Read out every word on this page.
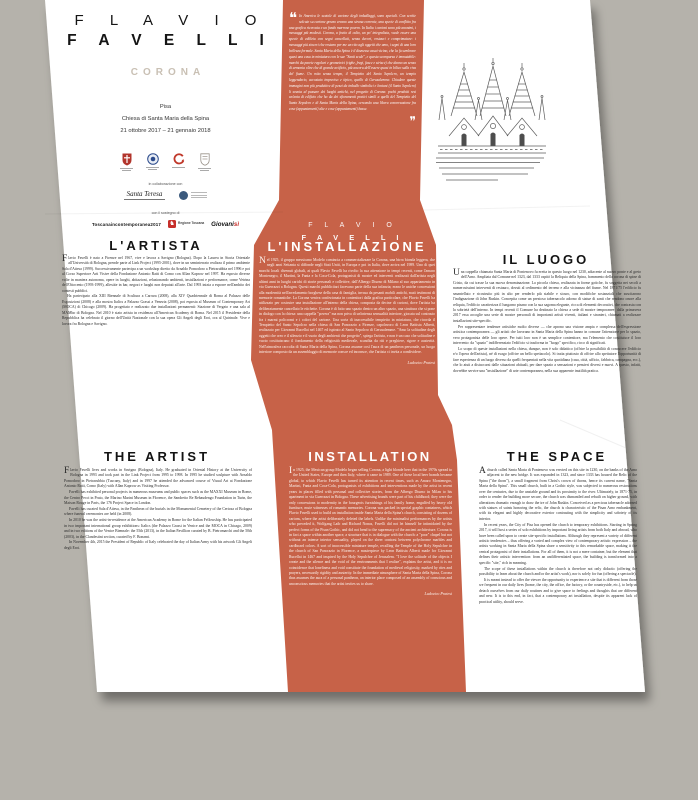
F L A V I O
F A V E L L I
CORONA
Pisa
Chiesa di Santa Maria della Spina
21 ottobre 2017 – 21 gennaio 2018
in collaborazione con
Santa Teresa
con il sostegno di
Toscanaincontemporanea2017 ♞	Regione Toscana Giovanisì
❝ In America le scatole di cartone degli imballaggi, sono speciali. Con scritte solcate su cartone grezzo creano una strana corrente, una specie di conflitto fra una grafica ricercata e un fondo marrone povero. In Italia i cartoni sono più anonimi, i messaggi più modesti. Corona, a frutto di culto, un po' integralista, vuole essere una specie di edilizia con segni cancellati, senza decori, restauri e comprimature: i messaggi più sinceri che restano per me un rito agli oggetti che amo, i segni di una loro bellezza formale. Santa Maria della Spina è il dismesso assai vicino, che la fa sembrare quasi una casa in miniatura con le sue "Santi scale", e questa scomparsa è immutabile: marchi da parete regolari e geometrici (righe, fregi, fasce e strisce) che danno un senso di armonia oltre che di grande artificio, più ancora dell'essere quasi in bilico sulla riva del fiume. Un mito senza tempo, il Tempietto del Santo Sepolcro, un tempio leggendario, accostato impreciso e tipico, quello di Gerusalemme. Chiudere queste immagini non più produttive di pezzi da imballo simbolici e lontani (il Santo Sepolcro) li svuota al passare dei luoghi antichi, nel progetto di Corona: pochi prodotti resi un'anta di edificio che ho da dei sfioramenti pratici simili a quelli del Tempietto del Santo Sepolcro e di Santa Maria della Spina, cercando una libera conversazione fra cose (appuntamenti) alte e cose (appuntamenti) basse.

❞
F L A V I O
F A V E L L I
L'ARTISTA

Flavio Favelli è nato a Firenze nel 1967, vive e lavora a Savigno (Bologna). Dopo la Laurea in Storia Orientale all'Università di Bologna, prende parte al Link Project (1995-2001), dove in un seminterrato realizza il primo ambiente Sala d'Attesa (1999). Successivamente partecipa a un workshop diretto da Arnaldo Pomodoro a Pietrarubbia nel 1996 e poi al Corso Superiore Arti Visive della Fondazione Antonio Ratti di Como con Allan Kaprow nel 1997. Ha esposto diverse volte in maniera autonoma, opere in luoghi, abitazioni, relazionando ambienti, installazioni e performance, come Vetrina dell'Ottocento (1993-1999), allestite in bar, negozi e luoghi non deputati all'arte. Dal 1993 inizia a esporre nell'ambito dei contesti pubblici.

Ha partecipato alla XIII Biennale di Scultura a Carrara (2008), alla XIV Quadriennale di Roma al Palazzo delle Esposizioni (2008) e alla mostra Italics a Palazzo Grassi a Venezia (2008), poi esposta al Museum of Contemporary Art (MOCA) di Chicago (2009). Ha progettato e realizzato due installazioni permanenti: Stazione di Vergato e una sala al MAMbo di Bologna. Nel 2010 è stato artista in residenza all'American Academy di Roma. Nel 2015 il Presidente della Repubblica ha celebrato il giorno dell'Unità Nazionale con la sua opera Gli Angeli degli Eroi, ora al Quirinale. Vive e lavora fra Bologna e Savigno.

L'INSTALLAZIONE

Nel 1925, il gruppo messicano Modelo comincia a commercializzare la Corona, una birra bionda leggera, che negli anni Settanta si diffonde negli Stati Uniti, in Europa e poi in Italia, dove arriva nel 1989. Uno di quei marchi locali divenuti globali, ai quali Flavio Favelli ha rivolto la sua attenzione in tempi recenti, come l'amaro Montenegro, il Martini, la Fanta e la Coca-Cola, protagonisti di mostre ed interventi realizzati dall'artista negli ultimi anni in luoghi carichi di storie personali e collettive, dall'Albergo Diurno di Milano al suo appartamento in via Guerrazzi a Bologna. Questi marchi pubblicitari facevano parte della sua infanzia; erano le uniche concessioni alla modernità nell'arredamento borghese della casa di famiglia, invasa da pesanti mobili antichi, muti testimoni di memorie romantiche. La Corona veniva confezionata in contenitori dalla grafica particolare, che Flavio Favelli ha utilizzato per costruire una installazione all'interno della chiesa, composta da decine di cartoni, dove l'artista ha deliberatamente cancellato le etichette. Corona è di fatto uno spazio dentro un altro spazio, una struttura che si pone in dialogo con la chiesa: una cappella "povera" ma non priva di un'intensa sensualità interiore, giocata sul contrasto fra i marmi policromi e i colori del cartone. Una sorta di inaccessibile tempietto in miniatura, che ricorda il Tempietto del Santo Sepolcro nella chiesa di San Pancrazio a Firenze, capolavoro di Leon Battista Alberti, realizzato per Giovanni Rucellai nel 1467 ed ispirato al Santo Sepolcro di Gerusalemme. "Amo la solitudine degli oggetti che creo e il silenzio e il vuoto degli ambienti che progetto", spiega l'artista, e non è un caso che solitudine e vuoto costituiscano il fondamento della religiosità medievale, scandita da riti e preghiere, rigore e austerità. Nell'atmosfera raccolta di Santa Maria della Spina, Corona assume così l'aura di un pantheon personale, un luogo interiore composto da un assemblaggio di memorie consce ed inconsce, che l'artista ci invita a condividere.

Ludovico Pratesi
IL LUOGO

Una cappella chiamata Santa Maria di Pontenovo fu eretta in questo luogo nel 1230, adiacente al nuovo ponte e al greto dell'Arno. Ampliata dal Comune nel 1323, dal 1333 ospitò la Reliquia della Spina, frammento della corona di spine di Cristo, da cui trasse la sua nuova denominazione. La piccola chiesa, realizzata in forme gotiche, fu soggetta nei secoli a numerosissimi interventi di restauro, dovuti al cedimento del terreno e alla vicinanza del fiume. Nel 1871/75 l'edificio fu smantellato e ricostruito più in alto per renderlo più stabile e sicuro, con modifiche sostanziali che suscitarono l'indignazione di John Ruskin. Concepita come un prezioso tabernacolo adorno di statue di santi che rendono onore alla reliquia, l'edificio caratterizza il lungarno pisano con la sua sagoma elegante, ricca di elementi decorativi, che contrasta con la sobrietà dell'interno. In tempi recenti il Comune ha destinato la chiesa a sede di mostre temporanee; dalla primavera 2017 essa accoglie una serie di mostre personali di importanti artisti viventi, italiani e stranieri, chiamati a realizzare installazioni site-specific.

Per rappresentare tendenze artistiche molto diverse — che aprono una visione ampia e complessa dell'espressione artistica contemporanea — gli artisti che lavorano in Santa Maria della Spina hanno in comune l'attenzione per lo spazio, vero protagonista delle loro opere. Per tutti loro non è un semplice contenitore, ma l'elemento che costituisce il loro intervento: da "spazio" indifferenziato l'edificio si trasforma in "luogo" specifico, ricco di significati.

Lo scopo di queste installazioni nella chiesa, dunque, non è solo didattico (offrire la possibilità di conoscere l'edificio e/o l'opera dell'artista), né di svago (offrire un bello spettacolo). Si tratta piuttosto di offrire allo spettatore l'opportunità di fare esperienza di un luogo diverso da quelli frequentati nella vita quotidiana (casa, città, ufficio, fabbrica, campagna, ecc.), che lo aiuti a distaccarsi dalle situazioni abituali, per dare spazio a sensazioni e pensieri diversi e nuovi. A questo, infatti, dovrebbe servire una "installazione" di arte contemporanea, nella sua apparente inutilità pratica.

THE ARTIST

Flavio Favelli lives and works in Savigno (Bologna), Italy. He graduated in Oriental History at the University of Bologna in 1993 and took part in the Link Project from 1995 to 1998. In 1995 he studied sculpture with Arnaldo Pomodoro in Pietrarubbia (Tuscany, Italy) and in 1997 he attended the advanced course of Visual Art at Fondazione Antonio Ratti, Como (Italy) with Allan Kaprow as Visiting Professor.

Favelli has exhibited personal projects in numerous museums and public spaces such as the MAXXI Museum in Rome, the Centro Pecci in Prato, the Marino Marini Museum in Florence, the Sandretto Re Rebaudengo Foundation in Turin, the Maison Rouge in Paris, the 176 Project Space in London.

Favelli has curated Sala d'Attesa, in the Pantheon of the burials in the Monumental Cemetery of the Certosa of Bologna where funeral ceremonies are held (in 2008).

In 2010 he was the artist-in-residence at the American Academy in Rome for the Italian Fellowship. He has participated in two important international group exhibitions: Italics (the Palazzo Grassi in Venice and the MOCA in Chicago, 2009) and in two editions of the Venice Biennale: the 55th (2013), in the Italian Pavillion curated by B. Pietromarchi and the 50th (2003), in the Clandestini section, curated by F. Bonami.

In November 4th, 2015 the President of Republic of Italy celebrated the day of Italian Army with his artwork Gli Angeli degli Eroi.

INSTALLATION

In 1925, the Mexican group Modelo began selling Corona, a light blonde beer that in the 1970s spread to the United States, Europe and then Italy, where it came in 1989. One of these local beer brands became global, to which Flavio Favelli has turned its attention in recent times, such as Amaro Montenegro, Martini, Fanta and Coca-Cola, protagonists of exhibitions and interventions made by the artist in recent years in places filled with personal and collective stories, from the Albergo Diurno in Milan to his apartment in via Guerrazzi in Bologna. These advertising brands were part of his childhood; they were the only concessions to modernity in the bourgeois furnishings of his family home, engulfed by heavy old furniture, mute witnesses of romantic memories. Corona was packed in special graphic containers, which Flavio Favelli used to build an installation inside Santa Maria della Spina's church, consisting of dozens of cartons, where the artist deliberately deleted the labels. Unlike the minimalist performances by the artists who preceded it, Wolfgang Laib and Richard Nonas, Favelli did not let himself be intimidated by the perfect forms of the Pisan Gothic, and did not bend to the supremacy of the ancient architecture. Corona is in fact a space within another space, a structure that is in dialogue with the church: a "poor" chapel but not without an intense interior sensuality, played on the sheer contrast between polychrome marbles and cardboard colors. A sort of inaccessible miniature temple, recalling the Temple of the Holy Sepulchre in the church of San Pancrazio in Florence, a masterpiece by Leon Battista Alberti made for Giovanni Rucellai in 1467 and inspired by the Holy Sepulchre of Jerusalem. "I love the solitude of the objects I create and the silence and the void of the environments that I realize", explains the artist, and it is no coincidence that loneliness and void constitute the foundation of medieval religiosity, marked by rites and prayers, necessarily rigidity and austerity. In the immediate atmosphere of Santa Maria della Spina, Corona thus assumes the aura of a personal pantheon, an interior place composed of an assembly of conscious and unconscious memories that the artist invites us to share.

Ludovico Pratesi
THE SPACE

Achurch called Santa Maria di Pontenovo was erected on this site in 1230, on the banks of the Arno adjacent to the new bridge. It was expanded in 1323, and since 1333 has housed the Relic of the Spina ("the thorn"), a small fragment from Christ's crown of thorns, hence its current name, "Santa Maria della Spina". This small church, built in a Gothic style, was subjected to numerous restorations over the centuries, due to the unstable ground and its proximity to the river. Ultimately, in 1871-75, in order to render the building more secure, the church was dismantled and rebuilt on higher ground, with alterations dramatic enough to draw the ire of John Ruskin. Conceived as a precious tabernacle adorned with statues of saints honoring the relic, the church is characteristic of the Pisan Arno embankment, with its elegant and highly decorative exterior contrasting with the simplicity and sobriety of its interior.

In recent years, the City of Pisa has opened the church to temporary exhibitions. Starting in Spring 2017, it will host a series of solo exhibitions by important living artists from both Italy and abroad, who have been called upon to create site-specific installations. Although they represent a variety of different artistic tendencies – thus offering a varied and complex view of contemporary artistic expression – the artists working in Santa Maria della Spina share a sensitivity to this remarkable space, making it the central protagonist of their installations. For all of them, it is not a mere container, but the element that defines their artistic intervention: from an undifferentiated space, the building is transformed into a specific "site," rich in meaning.

The scope of these installations within the church is therefore not only didactic (offering the possibility to learn about the church and/or the artist's work), nor is solely for fun (offering a spectacle).

It is meant instead to offer the viewer the opportunity to experience a site that is different from those we frequent in our daily lives (home, the city, the office, the factory, or the countryside, etc.), to help us detach ourselves from our daily routines and to give space to feelings and thoughts that are different and new. It is to this end, in fact, that a contemporary art installation, despite its apparent lack of practical utility, should serve.
